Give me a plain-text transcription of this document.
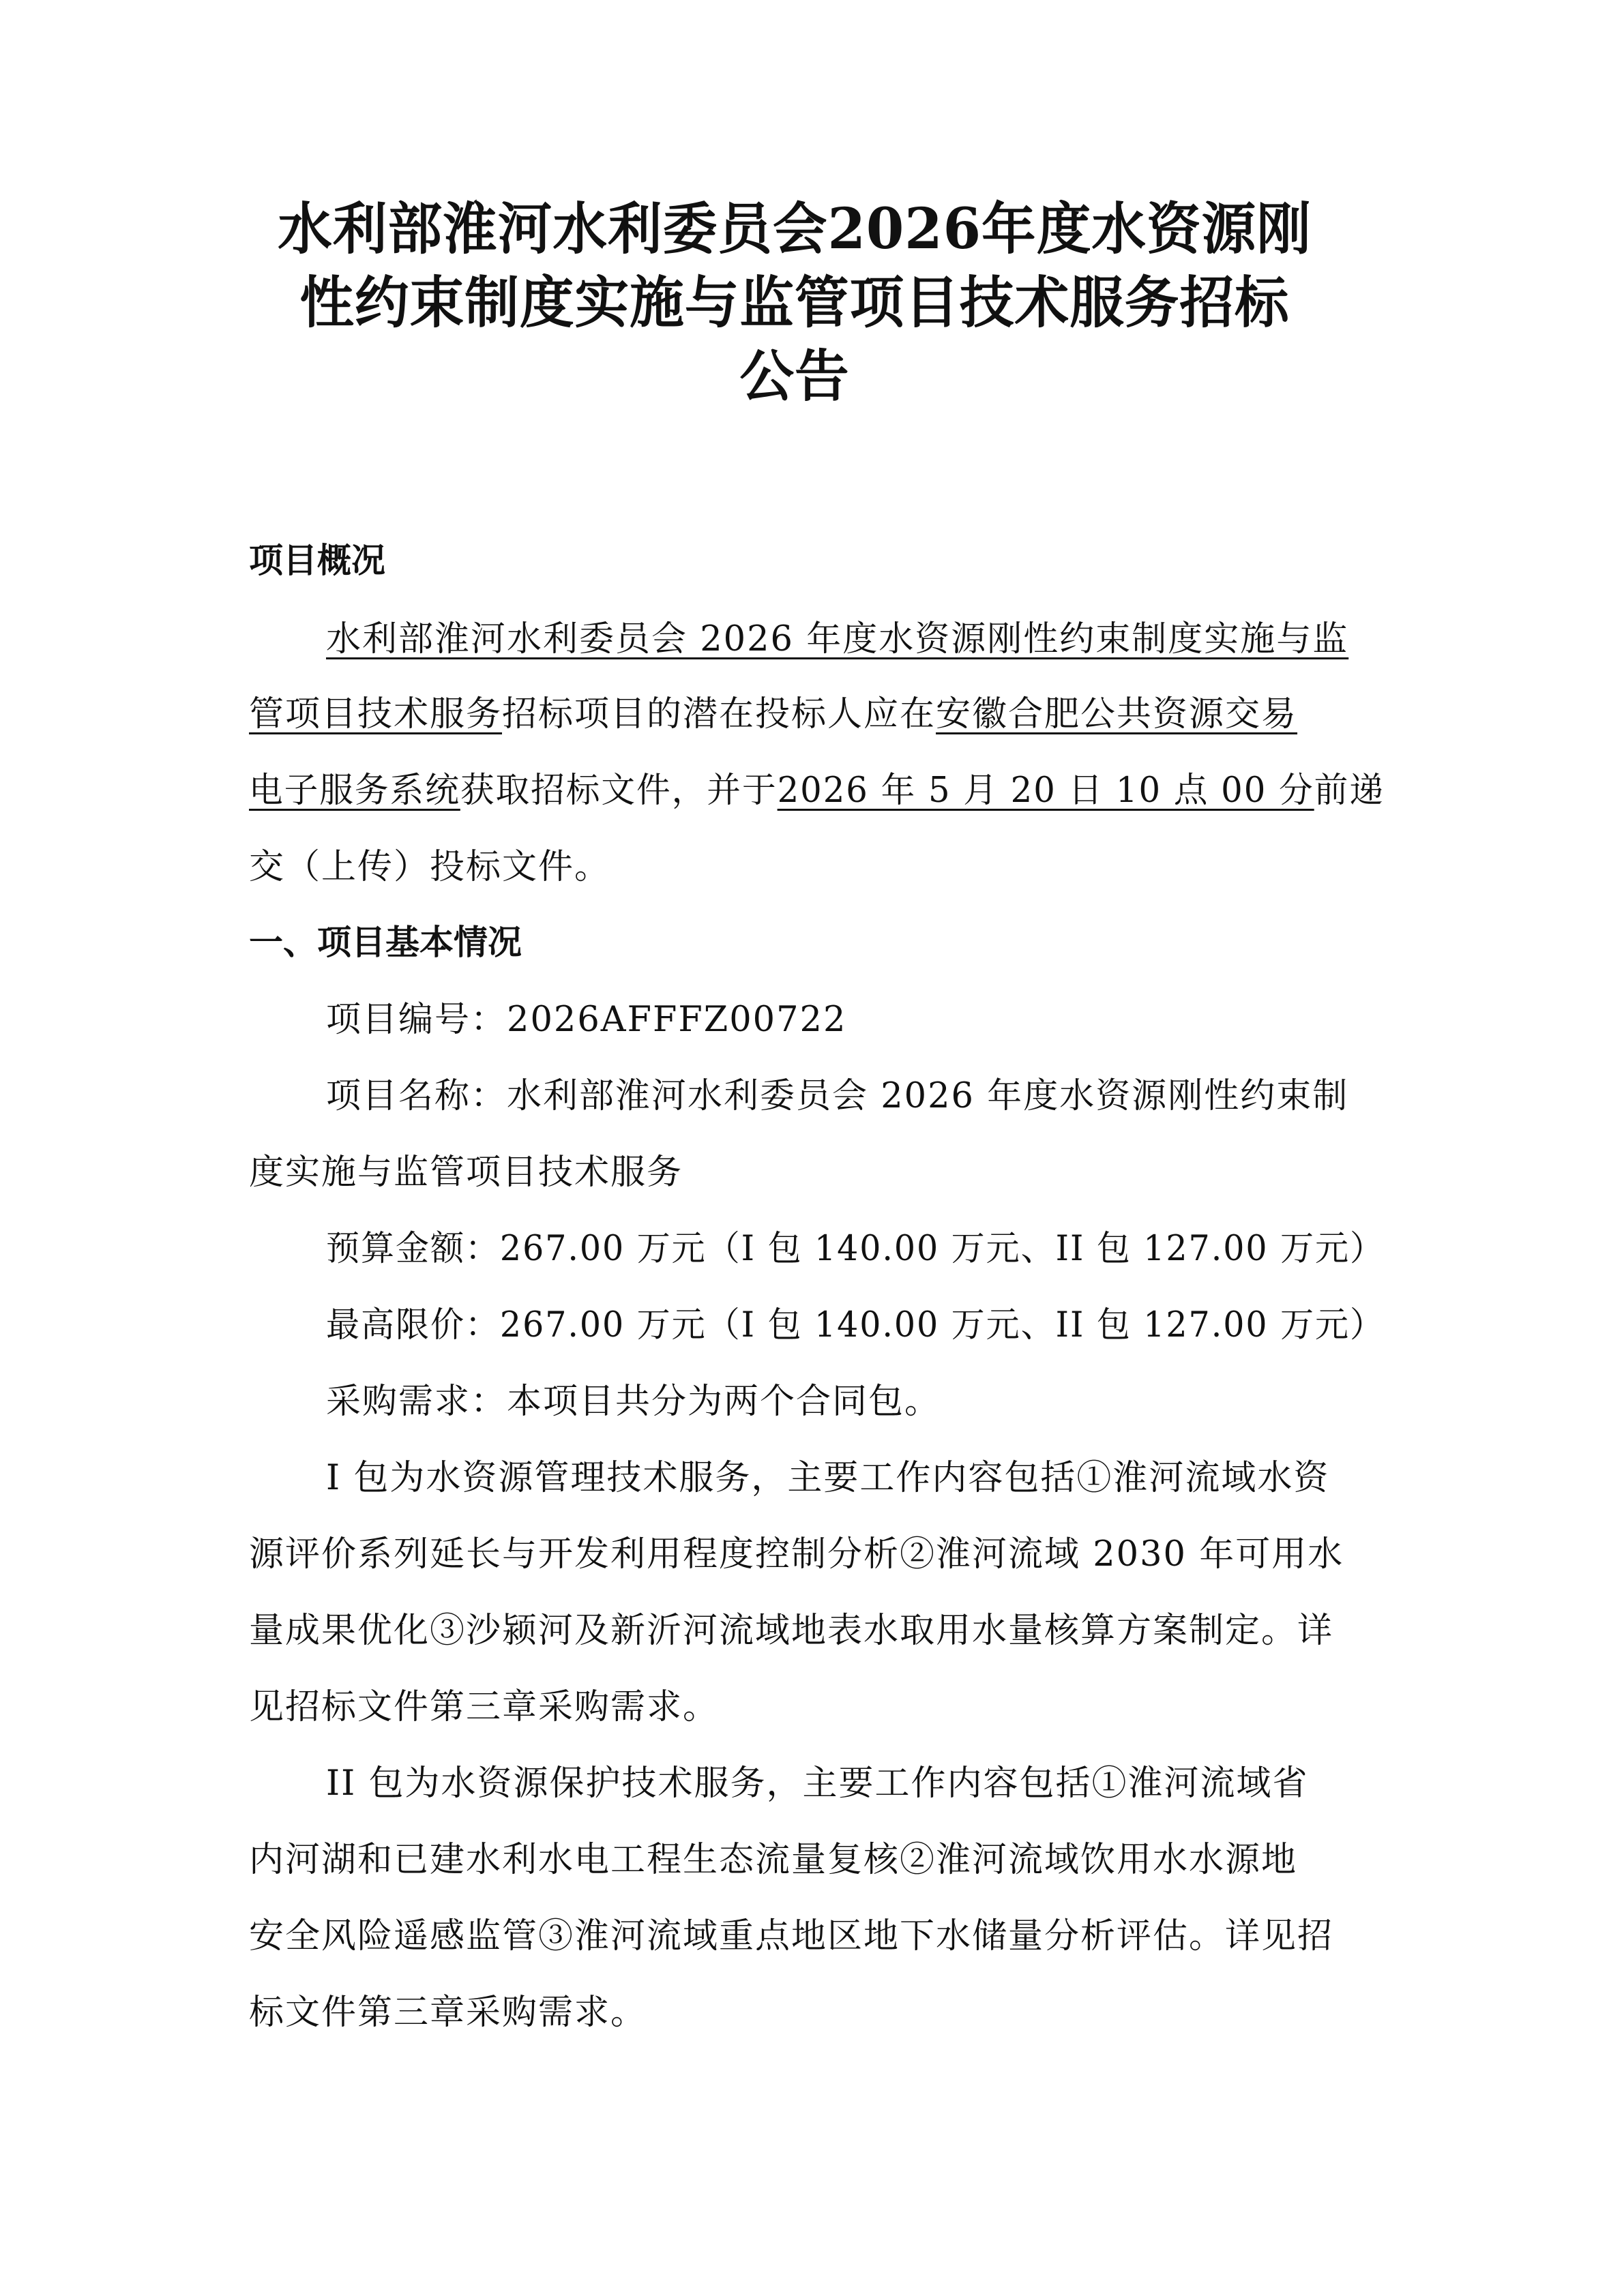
水利部淮河水利委员会2026年度水资源刚
性约束制度实施与监管项目技术服务招标
公告
项目概况
水利部淮河水利委员会 2026 年度水资源刚性约束制度实施与监
管项目技术服务招标项目的潜在投标人应在安徽合肥公共资源交易
电子服务系统获取招标文件，并于2026 年 5 月 20 日 10 点 00 分前递
交（上传）投标文件。
一、项目基本情况
项目编号：2026AFFFZ00722
项目名称：水利部淮河水利委员会 2026 年度水资源刚性约束制
度实施与监管项目技术服务
预算金额：267.00 万元（I 包 140.00 万元、II 包 127.00 万元）
最高限价：267.00 万元（I 包 140.00 万元、II 包 127.00 万元）
采购需求：本项目共分为两个合同包。
I 包为水资源管理技术服务，主要工作内容包括①淮河流域水资
源评价系列延长与开发利用程度控制分析②淮河流域 2030 年可用水
量成果优化③沙颍河及新沂河流域地表水取用水量核算方案制定。详
见招标文件第三章采购需求。
II 包为水资源保护技术服务，主要工作内容包括①淮河流域省
内河湖和已建水利水电工程生态流量复核②淮河流域饮用水水源地
安全风险遥感监管③淮河流域重点地区地下水储量分析评估。详见招
标文件第三章采购需求。
